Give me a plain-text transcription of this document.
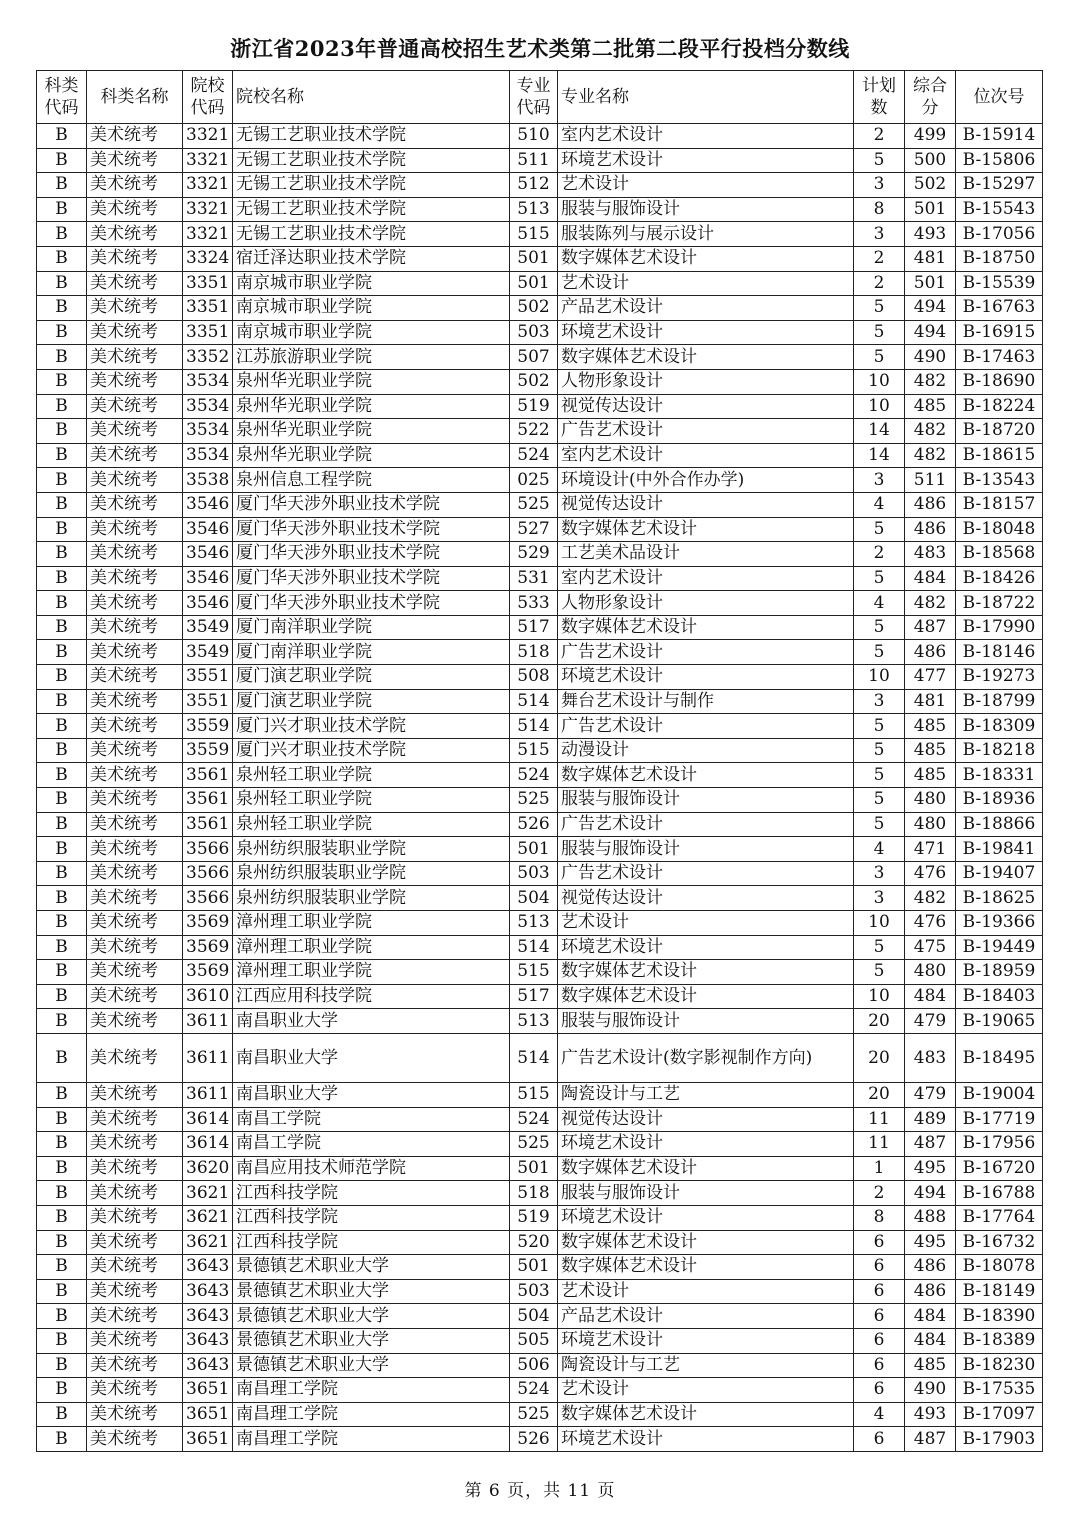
浙江省2023年普通高校招生艺术类第二批第二段平行投档分数线
科类代码	科类名称	院校代码	院校名称	专业代码	专业名称	计划数	综合分	位次号
B	美术统考	3321	无锡工艺职业技术学院	510	室内艺术设计	2	499	B-15914
B	美术统考	3321	无锡工艺职业技术学院	511	环境艺术设计	5	500	B-15806
B	美术统考	3321	无锡工艺职业技术学院	512	艺术设计	3	502	B-15297
B	美术统考	3321	无锡工艺职业技术学院	513	服装与服饰设计	8	501	B-15543
B	美术统考	3321	无锡工艺职业技术学院	515	服装陈列与展示设计	3	493	B-17056
B	美术统考	3324	宿迁泽达职业技术学院	501	数字媒体艺术设计	2	481	B-18750
B	美术统考	3351	南京城市职业学院	501	艺术设计	2	501	B-15539
B	美术统考	3351	南京城市职业学院	502	产品艺术设计	5	494	B-16763
B	美术统考	3351	南京城市职业学院	503	环境艺术设计	5	494	B-16915
B	美术统考	3352	江苏旅游职业学院	507	数字媒体艺术设计	5	490	B-17463
B	美术统考	3534	泉州华光职业学院	502	人物形象设计	10	482	B-18690
B	美术统考	3534	泉州华光职业学院	519	视觉传达设计	10	485	B-18224
B	美术统考	3534	泉州华光职业学院	522	广告艺术设计	14	482	B-18720
B	美术统考	3534	泉州华光职业学院	524	室内艺术设计	14	482	B-18615
B	美术统考	3538	泉州信息工程学院	025	环境设计(中外合作办学)	3	511	B-13543
B	美术统考	3546	厦门华天涉外职业技术学院	525	视觉传达设计	4	486	B-18157
B	美术统考	3546	厦门华天涉外职业技术学院	527	数字媒体艺术设计	5	486	B-18048
B	美术统考	3546	厦门华天涉外职业技术学院	529	工艺美术品设计	2	483	B-18568
B	美术统考	3546	厦门华天涉外职业技术学院	531	室内艺术设计	5	484	B-18426
B	美术统考	3546	厦门华天涉外职业技术学院	533	人物形象设计	4	482	B-18722
B	美术统考	3549	厦门南洋职业学院	517	数字媒体艺术设计	5	487	B-17990
B	美术统考	3549	厦门南洋职业学院	518	广告艺术设计	5	486	B-18146
B	美术统考	3551	厦门演艺职业学院	508	环境艺术设计	10	477	B-19273
B	美术统考	3551	厦门演艺职业学院	514	舞台艺术设计与制作	3	481	B-18799
B	美术统考	3559	厦门兴才职业技术学院	514	广告艺术设计	5	485	B-18309
B	美术统考	3559	厦门兴才职业技术学院	515	动漫设计	5	485	B-18218
B	美术统考	3561	泉州轻工职业学院	524	数字媒体艺术设计	5	485	B-18331
B	美术统考	3561	泉州轻工职业学院	525	服装与服饰设计	5	480	B-18936
B	美术统考	3561	泉州轻工职业学院	526	广告艺术设计	5	480	B-18866
B	美术统考	3566	泉州纺织服装职业学院	501	服装与服饰设计	4	471	B-19841
B	美术统考	3566	泉州纺织服装职业学院	503	广告艺术设计	3	476	B-19407
B	美术统考	3566	泉州纺织服装职业学院	504	视觉传达设计	3	482	B-18625
B	美术统考	3569	漳州理工职业学院	513	艺术设计	10	476	B-19366
B	美术统考	3569	漳州理工职业学院	514	环境艺术设计	5	475	B-19449
B	美术统考	3569	漳州理工职业学院	515	数字媒体艺术设计	5	480	B-18959
B	美术统考	3610	江西应用科技学院	517	数字媒体艺术设计	10	484	B-18403
B	美术统考	3611	南昌职业大学	513	服装与服饰设计	20	479	B-19065
B	美术统考	3611	南昌职业大学	514	广告艺术设计(数字影视制作方向)	20	483	B-18495
B	美术统考	3611	南昌职业大学	515	陶瓷设计与工艺	20	479	B-19004
B	美术统考	3614	南昌工学院	524	视觉传达设计	11	489	B-17719
B	美术统考	3614	南昌工学院	525	环境艺术设计	11	487	B-17956
B	美术统考	3620	南昌应用技术师范学院	501	数字媒体艺术设计	1	495	B-16720
B	美术统考	3621	江西科技学院	518	服装与服饰设计	2	494	B-16788
B	美术统考	3621	江西科技学院	519	环境艺术设计	8	488	B-17764
B	美术统考	3621	江西科技学院	520	数字媒体艺术设计	6	495	B-16732
B	美术统考	3643	景德镇艺术职业大学	501	数字媒体艺术设计	6	486	B-18078
B	美术统考	3643	景德镇艺术职业大学	503	艺术设计	6	486	B-18149
B	美术统考	3643	景德镇艺术职业大学	504	产品艺术设计	6	484	B-18390
B	美术统考	3643	景德镇艺术职业大学	505	环境艺术设计	6	484	B-18389
B	美术统考	3643	景德镇艺术职业大学	506	陶瓷设计与工艺	6	485	B-18230
B	美术统考	3651	南昌理工学院	524	艺术设计	6	490	B-17535
B	美术统考	3651	南昌理工学院	525	数字媒体艺术设计	4	493	B-17097
B	美术统考	3651	南昌理工学院	526	环境艺术设计	6	487	B-17903
第 6 页，共 11 页
